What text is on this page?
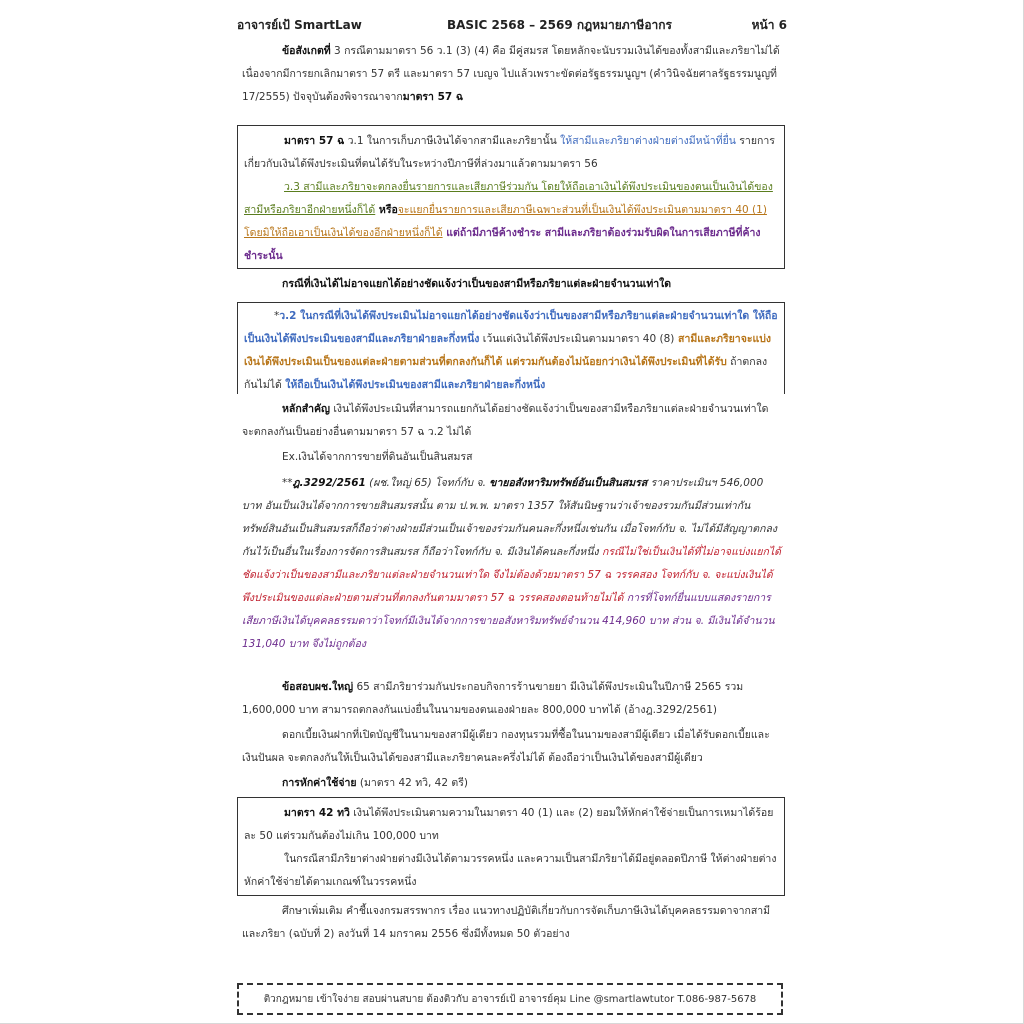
อาจารย์เป้ SmartLaw	BASIC 2568 – 2569 กฎหมายภาษีอากร	หน้า 6

ข้อสังเกตที่ 3 กรณีตามมาตรา 56 ว.1 (3) (4) คือ มีคู่สมรส โดยหลักจะนับรวมเงินได้ของทั้งสามีและภริยาไม่ได้ เนื่องจากมีการยกเลิกมาตรา 57 ตรี และมาตรา 57 เบญจ ไปแล้วเพราะขัดต่อรัฐธรรมนูญฯ (คำวินิจฉัยศาลรัฐธรรมนูญที่ 17/2555) ปัจจุบันต้องพิจารณาจากมาตรา 57 ฉ

มาตรา 57 ฉ ว.1 ในการเก็บภาษีเงินได้จากสามีและภริยานั้น ให้สามีและภริยาต่างฝ่ายต่างมีหน้าที่ยื่น รายการเกี่ยวกับเงินได้พึงประเมินที่ตนได้รับในระหว่างปีภาษีที่ล่วงมาแล้วตามมาตรา 56

ว.3 สามีและภริยาจะตกลงยื่นรายการและเสียภาษีร่วมกัน โดยให้ถือเอาเงินได้พึงประเมินของตนเป็นเงินได้ของสามีหรือภริยาอีกฝ่ายหนึ่งก็ได้ หรือจะแยกยื่นรายการและเสียภาษีเฉพาะส่วนที่เป็นเงินได้พึงประเมินตามมาตรา 40 (1) โดยมิให้ถือเอาเป็นเงินได้ของอีกฝ่ายหนึ่งก็ได้ แต่ถ้ามีภาษีค้างชำระ สามีและภริยาต้องร่วมรับผิดในการเสียภาษีที่ค้างชำระนั้น

กรณีที่เงินได้ไม่อาจแยกได้อย่างชัดแจ้งว่าเป็นของสามีหรือภริยาแต่ละฝ่ายจำนวนเท่าใด

*ว.2 ในกรณีที่เงินได้พึงประเมินไม่อาจแยกได้อย่างชัดแจ้งว่าเป็นของสามีหรือภริยาแต่ละฝ่ายจำนวนเท่าใด ให้ถือเป็นเงินได้พึงประเมินของสามีและภริยาฝ่ายละกึ่งหนึ่ง เว้นแต่เงินได้พึงประเมินตามมาตรา 40 (8) สามีและภริยาจะแบ่งเงินได้พึงประเมินเป็นของแต่ละฝ่ายตามส่วนที่ตกลงกันก็ได้ แต่รวมกันต้องไม่น้อยกว่าเงินได้พึงประเมินที่ได้รับ ถ้าตกลงกันไม่ได้ ให้ถือเป็นเงินได้พึงประเมินของสามีและภริยาฝ่ายละกึ่งหนึ่ง

หลักสำคัญ เงินได้พึงประเมินที่สามารถแยกกันได้อย่างชัดแจ้งว่าเป็นของสามีหรือภริยาแต่ละฝ่ายจำนวนเท่าใด จะตกลงกันเป็นอย่างอื่นตามมาตรา 57 ฉ ว.2 ไม่ได้

Ex.เงินได้จากการขายที่ดินอันเป็นสินสมรส

**ฎ.3292/2561 (ผช.ใหญ่ 65) โจทก์กับ จ. ขายอสังหาริมทรัพย์อันเป็นสินสมรส ราคาประเมินฯ 546,000 บาท อันเป็นเงินได้จากการขายสินสมรสนั้น ตาม ป.พ.พ. มาตรา 1357 ให้สันนิษฐานว่าเจ้าของรวมกันมีส่วนเท่ากัน ทรัพย์สินอันเป็นสินสมรสก็ถือว่าต่างฝ่ายมีส่วนเป็นเจ้าของร่วมกันคนละกึ่งหนึ่งเช่นกัน เมื่อโจทก์กับ จ. ไม่ได้มีสัญญาตกลงกันไว้เป็นอื่นในเรื่องการจัดการสินสมรส ก็ถือว่าโจทก์กับ จ. มีเงินได้คนละกึ่งหนึ่ง กรณีไม่ใช่เป็นเงินได้ที่ไม่อาจแบ่งแยกได้ชัดแจ้งว่าเป็นของสามีและภริยาแต่ละฝ่ายจำนวนเท่าใด จึงไม่ต้องด้วยมาตรา 57 ฉ วรรคสอง โจทก์กับ จ. จะแบ่งเงินได้พึงประเมินของแต่ละฝ่ายตามส่วนที่ตกลงกันตามมาตรา 57 ฉ วรรคสองตอนท้ายไม่ได้ การที่โจทก์ยื่นแบบแสดงรายการเสียภาษีเงินได้บุคคลธรรมดาว่าโจทก์มีเงินได้จากการขายอสังหาริมทรัพย์จำนวน 414,960 บาท ส่วน จ. มีเงินได้จำนวน 131,040 บาท จึงไม่ถูกต้อง

ข้อสอบผช.ใหญ่ 65 สามีภริยาร่วมกันประกอบกิจการร้านขายยา มีเงินได้พึงประเมินในปีภาษี 2565 รวม 1,600,000 บาท สามารถตกลงกันแบ่งยื่นในนามของตนเองฝ่ายละ 800,000 บาทได้ (อ้างฎ.3292/2561)

ดอกเบี้ยเงินฝากที่เปิดบัญชีในนามของสามีผู้เดียว กองทุนรวมที่ซื้อในนามของสามีผู้เดียว เมื่อได้รับดอกเบี้ยและเงินปันผล จะตกลงกันให้เป็นเงินได้ของสามีและภริยาคนละครึ่งไม่ได้ ต้องถือว่าเป็นเงินได้ของสามีผู้เดียว

การหักค่าใช้จ่าย (มาตรา 42 ทวิ, 42 ตรี)

มาตรา 42 ทวิ เงินได้พึงประเมินตามความในมาตรา 40 (1) และ (2) ยอมให้หักค่าใช้จ่ายเป็นการเหมาได้ร้อยละ 50 แต่รวมกันต้องไม่เกิน 100,000 บาท

ในกรณีสามีภริยาต่างฝ่ายต่างมีเงินได้ตามวรรคหนึ่ง และความเป็นสามีภริยาได้มีอยู่ตลอดปีภาษี ให้ต่างฝ่ายต่างหักค่าใช้จ่ายได้ตามเกณฑ์ในวรรคหนึ่ง

ศึกษาเพิ่มเติม คำชี้แจงกรมสรรพากร เรื่อง แนวทางปฏิบัติเกี่ยวกับการจัดเก็บภาษีเงินได้บุคคลธรรมดาจากสามีและภริยา (ฉบับที่ 2) ลงวันที่ 14 มกราคม 2556 ซึ่งมีทั้งหมด 50 ตัวอย่าง

ติวกฎหมาย เข้าใจง่าย สอบผ่านสบาย ต้องติวกับ อาจารย์เป้ อาจารย์คุม Line @smartlawtutor T.086-987-5678
